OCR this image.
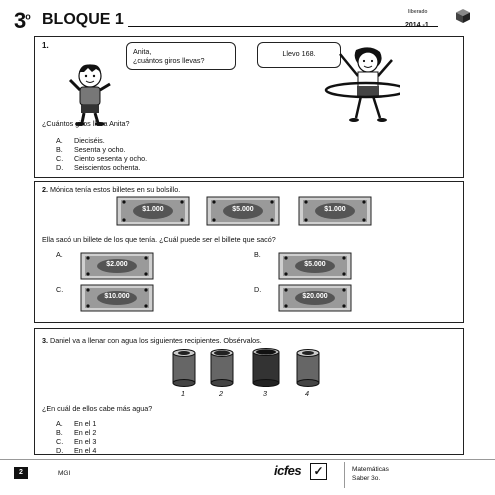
3$^o$ BLOQUE 1	liberado
2014 -1
1.
Anita,
¿cuántos giros llevas?
Llevo 168.
¿Cuántos giros lleva Anita?
A. Dieciséis.
B. Sesenta y ocho.
C. Ciento sesenta y ocho.
D. Seiscientos ochenta.
2. Mónica tenía estos billetes en su bolsillo.
$1.000	$5.000	$1.000
Ella sacó un billete de los que tenía. ¿Cuál puede ser el billete que sacó?
A.
$2.000
B.
$5.000
C.
$10.000
D.
$20.000
3. Daniel va a llenar con agua los siguientes recipientes. Obsérvalos.
1	2	3	4
¿En cuál de ellos cabe más agua?
A. En el 1
B. En el 2
C. En el 3
D. En el 4
2	MGI	icfes ✓	Matemáticas
Saber 3o.
